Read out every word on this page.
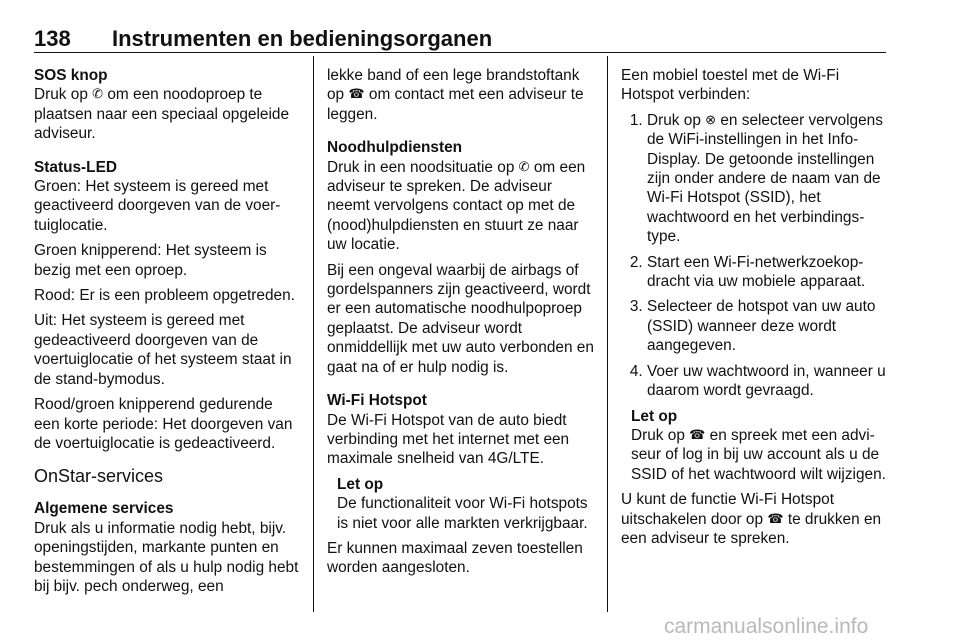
138 Instrumenten en bedieningsorganen

SOS knop
Druk op ✆ om een noodoproep te plaatsen naar een speciaal opgeleide adviseur.

Status-LED
Groen: Het systeem is gereed met geactiveerd doorgeven van de voertuiglocatie.

Groen knipperend: Het systeem is bezig met een oproep.

Rood: Er is een probleem opgetreden.

Uit: Het systeem is gereed met gedeactiveerd doorgeven van de voertuiglocatie of het systeem staat in de stand-bymodus.

Rood/groen knipperend gedurende een korte periode: Het doorgeven van de voertuiglocatie is gedeactiveerd.

OnStar-services

Algemene services
Druk als u informatie nodig hebt, bijv. openingstijden, markante punten en bestemmingen of als u hulp nodig hebt bij bijv. pech onderweg, een

lekke band of een lege brandstoftank op ☎ om contact met een adviseur te leggen.

Noodhulpdiensten
Druk in een noodsituatie op ✆ om een adviseur te spreken. De adviseur neemt vervolgens contact op met de (nood)hulpdiensten en stuurt ze naar uw locatie.

Bij een ongeval waarbij de airbags of gordelspanners zijn geactiveerd, wordt er een automatische noodhulpoproep geplaatst. De adviseur wordt onmiddellijk met uw auto verbonden en gaat na of er hulp nodig is.

Wi-Fi Hotspot
De Wi-Fi Hotspot van de auto biedt verbinding met het internet met een maximale snelheid van 4G/LTE.

Let op
De functionaliteit voor Wi-Fi hotspots is niet voor alle markten verkrijgbaar.

Er kunnen maximaal zeven toestellen worden aangesloten.

Een mobiel toestel met de Wi-Fi Hotspot verbinden:

1. Druk op ⊗ en selecteer vervolgens de WiFi-instellingen in het Info-Display. De getoonde instellingen zijn onder andere de naam van de Wi-Fi Hotspot (SSID), het wachtwoord en het verbindingstype.
2. Start een Wi-Fi-netwerkzoekopdracht via uw mobiele apparaat.
3. Selecteer de hotspot van uw auto (SSID) wanneer deze wordt aangegeven.
4. Voer uw wachtwoord in, wanneer u daarom wordt gevraagd.

Let op
Druk op ☎ en spreek met een adviseur of log in bij uw account als u de SSID of het wachtwoord wilt wijzigen.

U kunt de functie Wi-Fi Hotspot uitschakelen door op ☎ te drukken en een adviseur te spreken.

carmanualsonline.info
